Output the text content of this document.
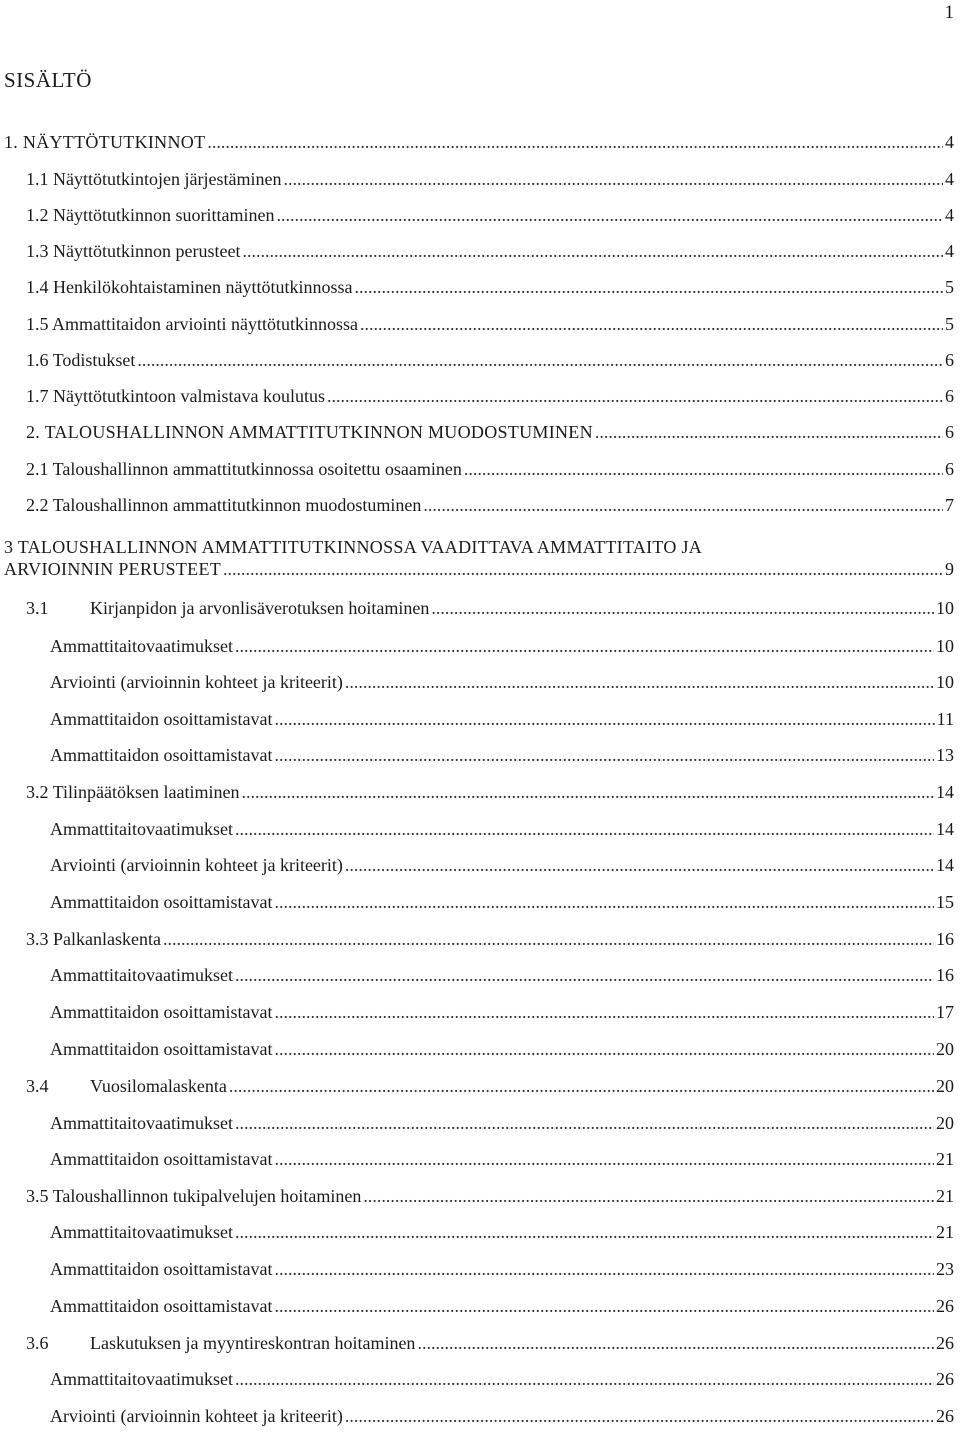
1
SISÄLTÖ
1. NÄYTTÖTUTKINNOT .....	4
1.1 Näyttötutkintojen järjestäminen .....	4
1.2 Näyttötutkinnon suorittaminen .....	4
1.3 Näyttötutkinnon perusteet .....	4
1.4 Henkilökohtaistaminen näyttötutkinnossa .....	5
1.5 Ammattitaidon arviointi näyttötutkinnossa .....	5
1.6 Todistukset .....	6
1.7 Näyttötutkintoon valmistava koulutus .....	6
2. TALOUSHALLINNON AMMATTITUTKINNON MUODOSTUMINEN .....	6
2.1 Taloushallinnon ammattitutkinnossa osoitettu osaaminen .....	6
2.2 Taloushallinnon ammattitutkinnon muodostuminen .....	7
3 TALOUSHALLINNON AMMATTITUTKINNOSSA VAADITTAVA AMMATTITAITO JA
ARVIOINNIN PERUSTEET .....	9
3.1 Kirjanpidon ja arvonlisäverotuksen hoitaminen .....	10
Ammattitaitovaatimukset .....	10
Arviointi (arvioinnin kohteet ja kriteerit) .....	10
Ammattitaidon osoittamistavat .....	11
Ammattitaidon osoittamistavat .....	13
3.2 Tilinpäätöksen laatiminen .....	14
Ammattitaitovaatimukset .....	14
Arviointi (arvioinnin kohteet ja kriteerit) .....	14
Ammattitaidon osoittamistavat .....	15
3.3 Palkanlaskenta .....	16
Ammattitaitovaatimukset .....	16
Ammattitaidon osoittamistavat .....	17
Ammattitaidon osoittamistavat .....	20
3.4 Vuosilomalaskenta .....	20
Ammattitaitovaatimukset .....	20
Ammattitaidon osoittamistavat .....	21
3.5 Taloushallinnon tukipalvelujen hoitaminen .....	21
Ammattitaitovaatimukset .....	21
Ammattitaidon osoittamistavat .....	23
Ammattitaidon osoittamistavat .....	26
3.6 Laskutuksen ja myyntireskontran hoitaminen .....	26
Ammattitaitovaatimukset .....	26
Arviointi (arvioinnin kohteet ja kriteerit) .....	26
